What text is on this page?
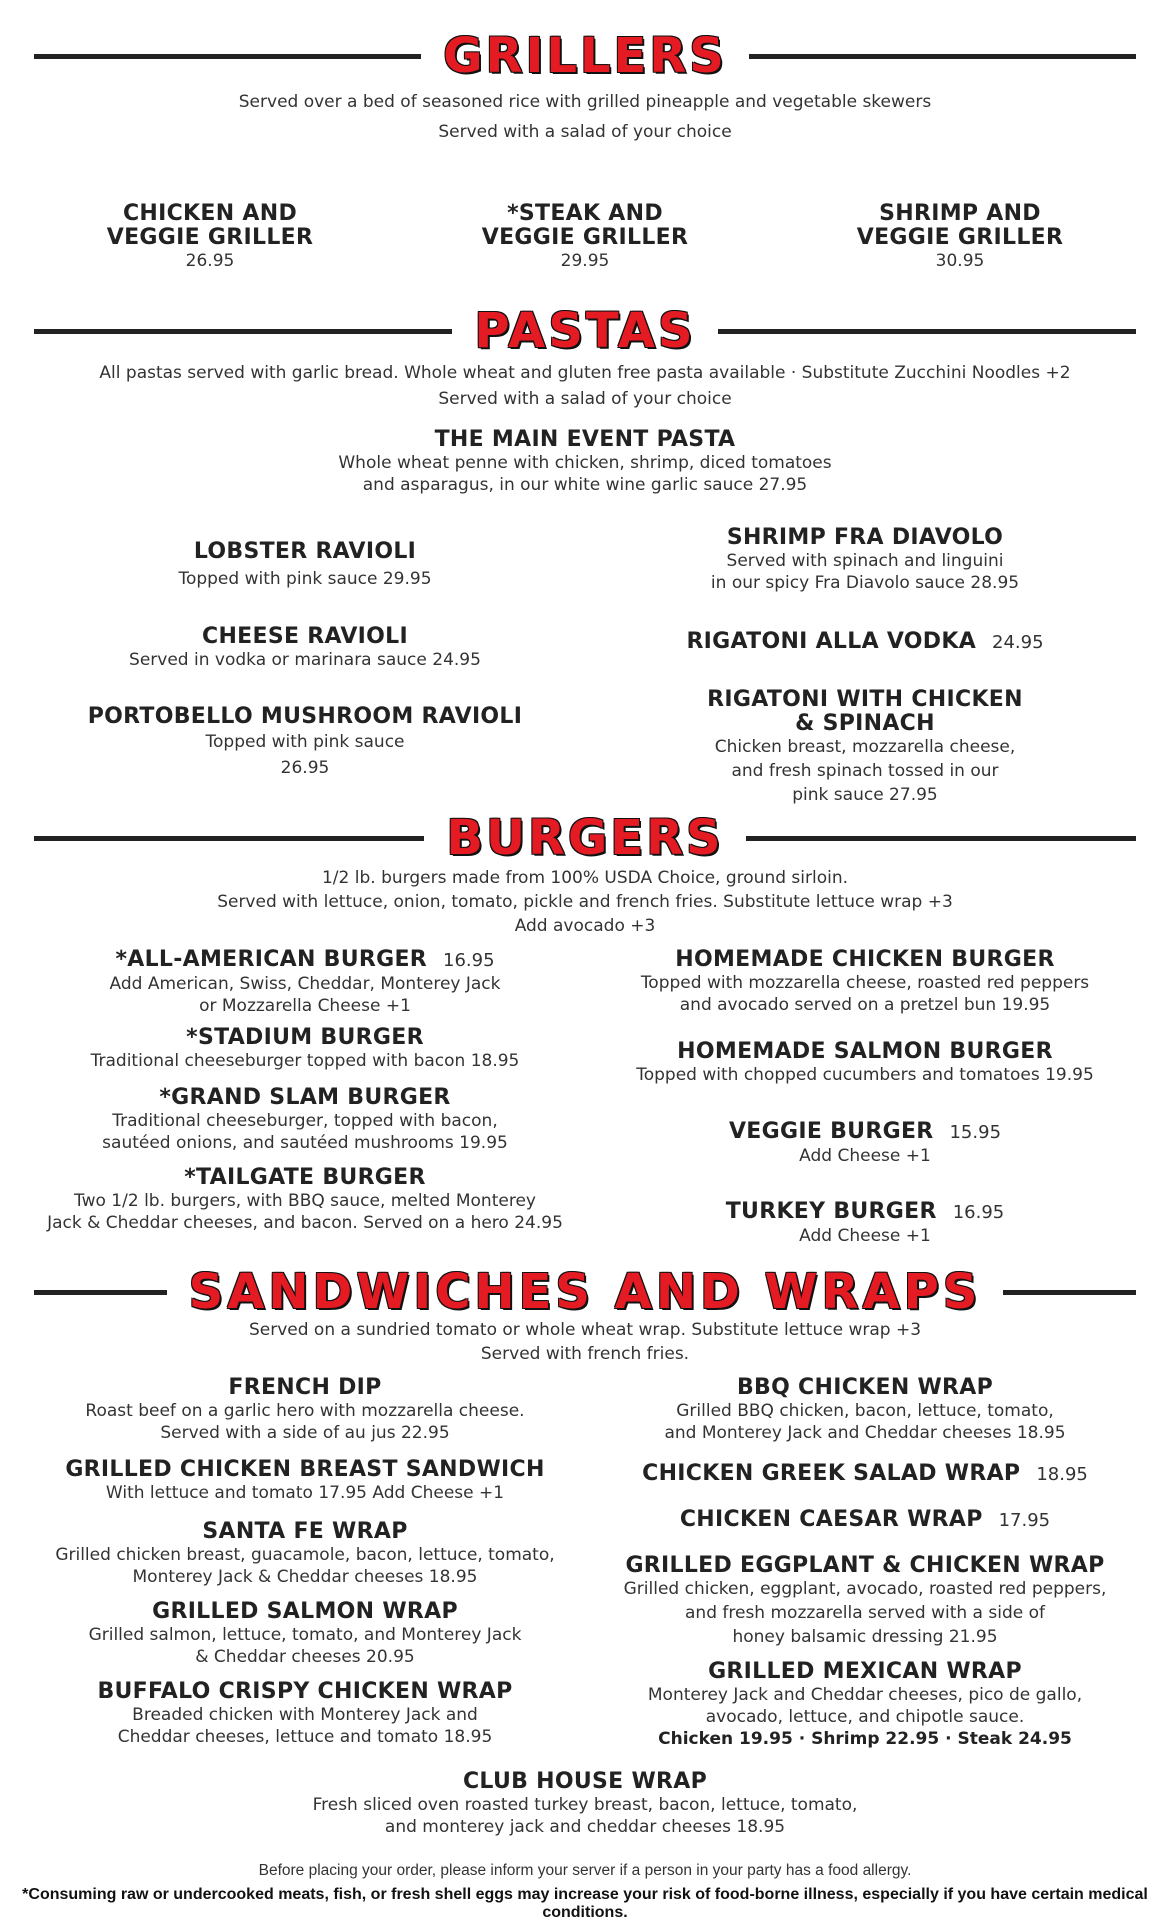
GRILLERS
Served over a bed of seasoned rice with grilled pineapple and vegetable skewers
Served with a salad of your choice
CHICKEN AND
VEGGIE GRILLER
26.95
*STEAK AND
VEGGIE GRILLER
29.95
SHRIMP AND
VEGGIE GRILLER
30.95
PASTAS
All pastas served with garlic bread. Whole wheat and gluten free pasta available · Substitute Zucchini Noodles +2
Served with a salad of your choice
THE MAIN EVENT PASTA
Whole wheat penne with chicken, shrimp, diced tomatoes
and asparagus, in our white wine garlic sauce 27.95
LOBSTER RAVIOLI
Topped with pink sauce 29.95
CHEESE RAVIOLI
Served in vodka or marinara sauce 24.95
PORTOBELLO MUSHROOM RAVIOLI
Topped with pink sauce
26.95
SHRIMP FRA DIAVOLO
Served with spinach and linguini
in our spicy Fra Diavolo sauce 28.95
RIGATONI ALLA VODKA 24.95
RIGATONI WITH CHICKEN
& SPINACH
Chicken breast, mozzarella cheese,
and fresh spinach tossed in our
pink sauce 27.95
BURGERS
1/2 lb. burgers made from 100% USDA Choice, ground sirloin.
Served with lettuce, onion, tomato, pickle and french fries. Substitute lettuce wrap +3
Add avocado +3
*ALL-AMERICAN BURGER 16.95
Add American, Swiss, Cheddar, Monterey Jack
or Mozzarella Cheese +1
*STADIUM BURGER
Traditional cheeseburger topped with bacon 18.95
*GRAND SLAM BURGER
Traditional cheeseburger, topped with bacon,
sautéed onions, and sautéed mushrooms 19.95
*TAILGATE BURGER
Two 1/2 lb. burgers, with BBQ sauce, melted Monterey
Jack & Cheddar cheeses, and bacon. Served on a hero 24.95
HOMEMADE CHICKEN BURGER
Topped with mozzarella cheese, roasted red peppers
and avocado served on a pretzel bun 19.95
HOMEMADE SALMON BURGER
Topped with chopped cucumbers and tomatoes 19.95
VEGGIE BURGER 15.95
Add Cheese +1
TURKEY BURGER 16.95
Add Cheese +1
SANDWICHES AND WRAPS
Served on a sundried tomato or whole wheat wrap. Substitute lettuce wrap +3
Served with french fries.
FRENCH DIP
Roast beef on a garlic hero with mozzarella cheese.
Served with a side of au jus 22.95
GRILLED CHICKEN BREAST SANDWICH
With lettuce and tomato 17.95 Add Cheese +1
SANTA FE WRAP
Grilled chicken breast, guacamole, bacon, lettuce, tomato,
Monterey Jack & Cheddar cheeses 18.95
GRILLED SALMON WRAP
Grilled salmon, lettuce, tomato, and Monterey Jack
& Cheddar cheeses 20.95
BUFFALO CRISPY CHICKEN WRAP
Breaded chicken with Monterey Jack and
Cheddar cheeses, lettuce and tomato 18.95
BBQ CHICKEN WRAP
Grilled BBQ chicken, bacon, lettuce, tomato,
and Monterey Jack and Cheddar cheeses 18.95
CHICKEN GREEK SALAD WRAP 18.95
CHICKEN CAESAR WRAP 17.95
GRILLED EGGPLANT & CHICKEN WRAP
Grilled chicken, eggplant, avocado, roasted red peppers,
and fresh mozzarella served with a side of
honey balsamic dressing 21.95
GRILLED MEXICAN WRAP
Monterey Jack and Cheddar cheeses, pico de gallo,
avocado, lettuce, and chipotle sauce.
Chicken 19.95 · Shrimp 22.95 · Steak 24.95
CLUB HOUSE WRAP
Fresh sliced oven roasted turkey breast, bacon, lettuce, tomato,
and monterey jack and cheddar cheeses 18.95
Before placing your order, please inform your server if a person in your party has a food allergy.
*Consuming raw or undercooked meats, fish, or fresh shell eggs may increase your risk of food-borne illness, especially if you have certain medical conditions.
